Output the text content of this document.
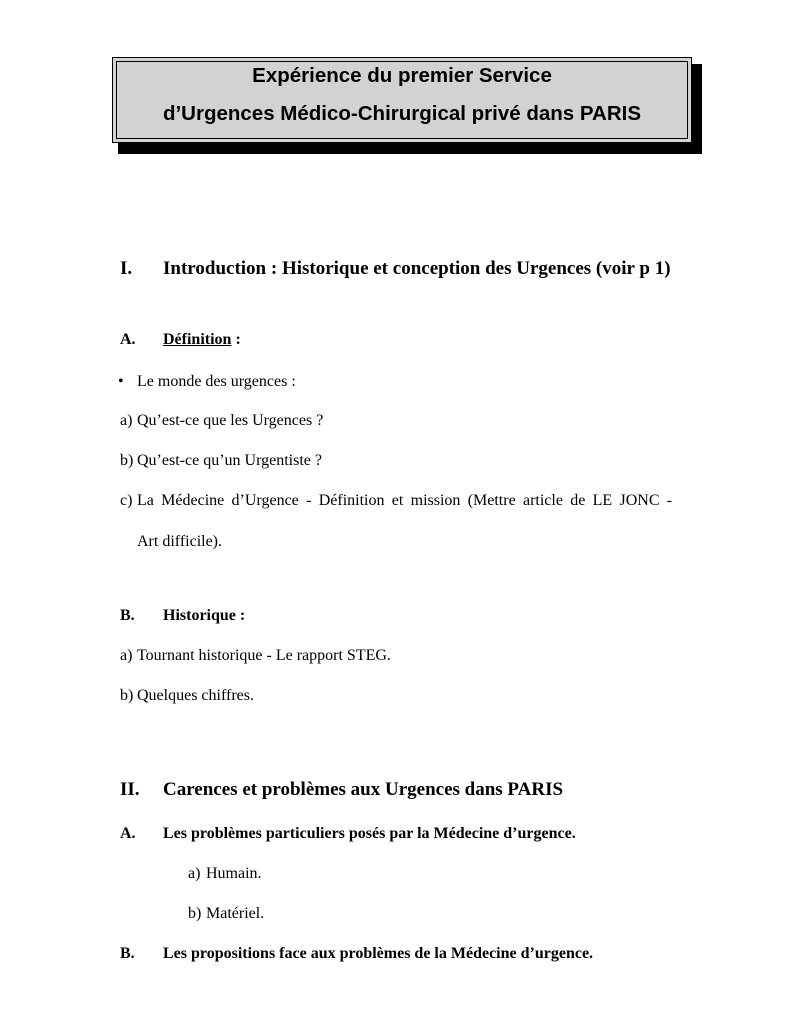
Expérience du premier Service
d’Urgences Médico-Chirurgical privé dans PARIS
I. Introduction : Historique et conception des Urgences (voir p 1)
A. Définition :
• Le monde des urgences :
a) Qu’est-ce que les Urgences ?
b) Qu’est-ce qu’un Urgentiste ?
c) La Médecine d’Urgence - Définition et mission (Mettre article de LE JONC -
Art difficile).
B. Historique :
a) Tournant historique - Le rapport STEG.
b) Quelques chiffres.
II. Carences et problèmes aux Urgences dans PARIS
A. Les problèmes particuliers posés par la Médecine d’urgence.
a) Humain.
b) Matériel.
B. Les propositions face aux problèmes de la Médecine d’urgence.
